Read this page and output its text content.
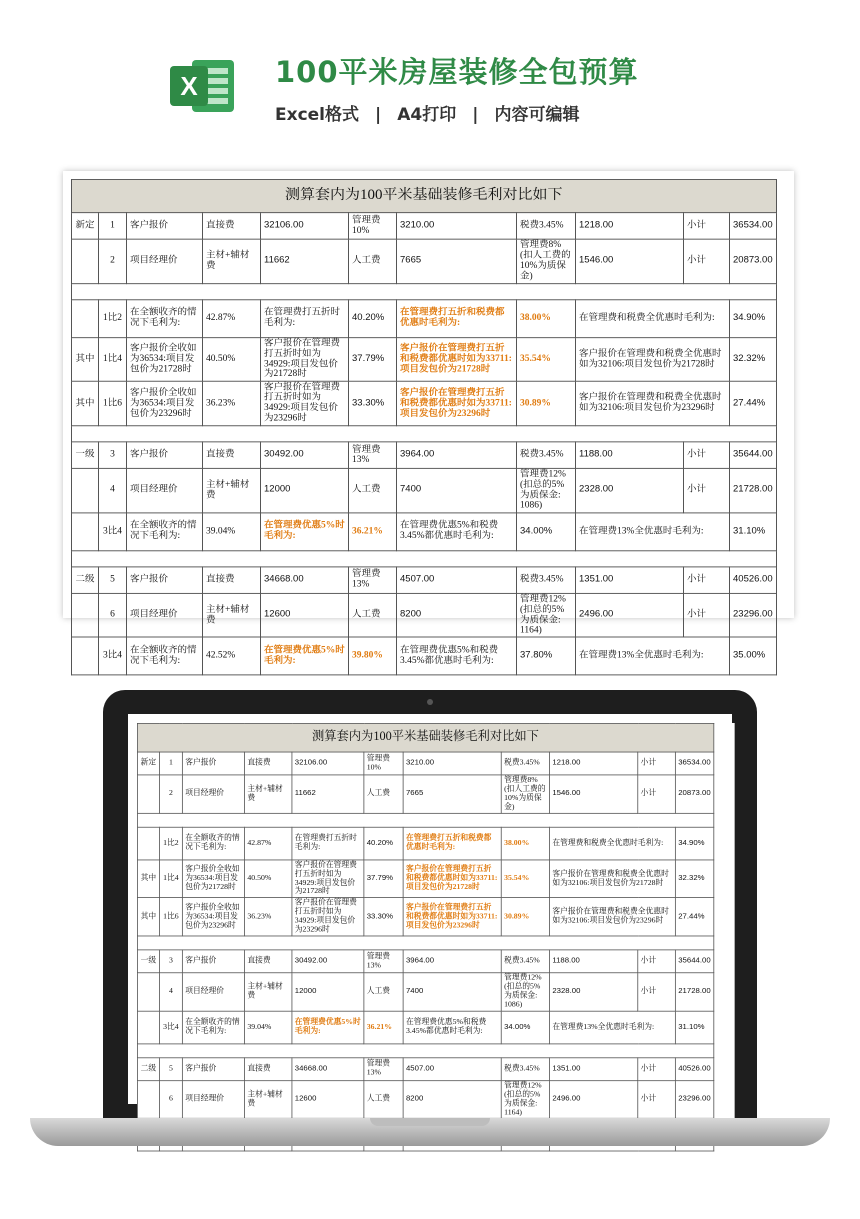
X	100平米房屋装修全包预算
Excel格式 | A4打印 | 内容可编辑
测算套内为100平米基础装修毛利对比如下										
新定	1	客户报价	直接费	32106.00	管理费10%	3210.00	税费3.45%	1218.00	小计	36534.00
	2	项目经理价	主材+辅材费	11662	人工费	7665	管理费8%(扣人工费的10%为质保金)	1546.00	小计	20873.00

	1比2	在全额收齐的情况下毛利为:	42.87%	在管理费打五折时毛利为:	40.20%	在管理费打五折和税费都优惠时毛利为:	38.00%	在管理费和税费全优惠时毛利为:		34.90%
其中	1比4	客户报价全收如为36534:项目发包价为21728时	40.50%	客户报价在管理费打五折时如为34929:项目发包价为21728时	37.79%	客户报价在管理费打五折和税费都优惠时如为33711:项目发包价为21728时	35.54%	客户报价在管理费和税费全优惠时如为32106:项目发包价为21728时		32.32%
其中	1比6	客户报价全收如为36534:项目发包价为23296时	36.23%	客户报价在管理费打五折时如为34929:项目发包价为23296时	33.30%	客户报价在管理费打五折和税费都优惠时如为33711:项目发包价为23296时	30.89%	客户报价在管理费和税费全优惠时如为32106:项目发包价为23296时		27.44%

一级	3	客户报价	直接费	30492.00	管理费13%	3964.00	税费3.45%	1188.00	小计	35644.00
	4	项目经理价	主材+辅材费	12000	人工费	7400	管理费12%(扣总的5%为质保金: 1086)	2328.00	小计	21728.00
	3比4	在全额收齐的情况下毛利为:	39.04%	在管理费优惠5%时毛利为:	36.21%	在管理费优惠5%和税费3.45%都优惠时毛利为:	34.00%	在管理费13%全优惠时毛利为:		31.10%

二级	5	客户报价	直接费	34668.00	管理费13%	4507.00	税费3.45%	1351.00	小计	40526.00
	6	项目经理价	主材+辅材费	12600	人工费	8200	管理费12%(扣总的5%为质保金: 1164)	2496.00	小计	23296.00
	3比4	在全额收齐的情况下毛利为:	42.52%	在管理费优惠5%时毛利为:	39.80%	在管理费优惠5%和税费3.45%都优惠时毛利为:	37.80%	在管理费13%全优惠时毛利为:		35.00%
测算套内为100平米基础装修毛利对比如下										
新定	1	客户报价	直接费	32106.00	管理费10%	3210.00	税费3.45%	1218.00	小计	36534.00
	2	项目经理价	主材+辅材费	11662	人工费	7665	管理费8%(扣人工费的10%为质保金)	1546.00	小计	20873.00

	1比2	在全额收齐的情况下毛利为:	42.87%	在管理费打五折时毛利为:	40.20%	在管理费打五折和税费都优惠时毛利为:	38.00%	在管理费和税费全优惠时毛利为:		34.90%
其中	1比4	客户报价全收如为36534:项目发包价为21728时	40.50%	客户报价在管理费打五折时如为34929:项目发包价为21728时	37.79%	客户报价在管理费打五折和税费都优惠时如为33711:项目发包价为21728时	35.54%	客户报价在管理费和税费全优惠时如为32106:项目发包价为21728时		32.32%
其中	1比6	客户报价全收如为36534:项目发包价为23296时	36.23%	客户报价在管理费打五折时如为34929:项目发包价为23296时	33.30%	客户报价在管理费打五折和税费都优惠时如为33711:项目发包价为23296时	30.89%	客户报价在管理费和税费全优惠时如为32106:项目发包价为23296时		27.44%

一级	3	客户报价	直接费	30492.00	管理费13%	3964.00	税费3.45%	1188.00	小计	35644.00
	4	项目经理价	主材+辅材费	12000	人工费	7400	管理费12%(扣总的5%为质保金: 1086)	2328.00	小计	21728.00
	3比4	在全额收齐的情况下毛利为:	39.04%	在管理费优惠5%时毛利为:	36.21%	在管理费优惠5%和税费3.45%都优惠时毛利为:	34.00%	在管理费13%全优惠时毛利为:		31.10%

二级	5	客户报价	直接费	34668.00	管理费13%	4507.00	税费3.45%	1351.00	小计	40526.00
	6	项目经理价	主材+辅材费	12600	人工费	8200	管理费12%(扣总的5%为质保金: 1164)	2496.00	小计	23296.00
